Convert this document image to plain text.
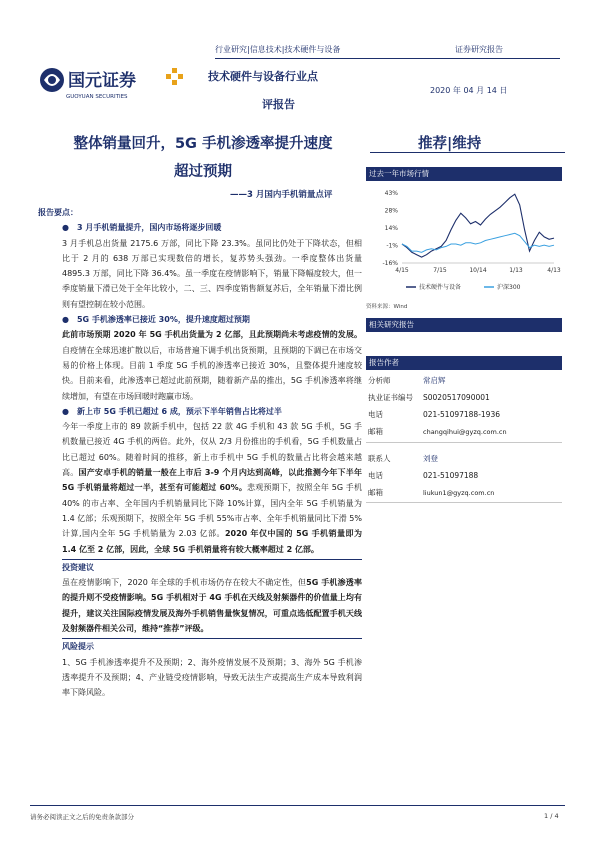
行业研究|信息技术|技术硬件与设备	证券研究报告
国元证券
GUOYUAN SECURITIES
技术硬件与设备行业点
评报告
2020 年 04 月 14 日
整体销量回升，5G 手机渗透率提升速度
超过预期
——3 月国内手机销量点评
推荐|维持
报告要点：
● 3 月手机销量提升，国内市场将逐步回暖

3 月手机总出货量 2175.6 万部，同比下降 23.3%。虽同比仍处于下降状态，但相比于 2 月的 638 万部已实现数倍的增长，复苏势头强劲。一季度整体出货量 4895.3 万部，同比下降 36.4%。虽一季度在疫情影响下，销量下降幅度较大，但一季度销量下滑已处于全年比较小，二、三、四季度销售额复苏后，全年销量下滑比例则有望控制在较小范围。

● 5G 手机渗透率已接近 30%，提升速度超过预期

此前市场预期 2020 年 5G 手机出货量为 2 亿部，且此预期尚未考虑疫情的发展。自疫情在全球迅速扩散以后，市场普遍下调手机出货预期，且预期的下调已在市场交易的价格上体现。目前 1 季度 5G 手机的渗透率已接近 30%，且整体提升速度较快。目前来看，此渗透率已超过此前预期，随着新产品的推出，5G 手机渗透率将继续增加，有望在市场回暖时跑赢市场。

● 新上市 5G 手机已超过 6 成，预示下半年销售占比将过半

今年一季度上市的 89 款新手机中，包括 22 款 4G 手机和 43 款 5G 手机，5G 手机数量已接近 4G 手机的两倍。此外，仅从 2/3 月份推出的手机看，5G 手机数量占比已超过 60%。随着时间的推移，新上市手机中 5G 手机的数量占比将会越来越高。国产安卓手机的销量一般在上市后 3-9 个月内达到高峰，以此推测今年下半年 5G 手机销量将超过一半，甚至有可能超过 60%。悲观预期下，按照全年 5G 手机 40% 的市占率、全年国内手机销量同比下降 10%计算，国内全年 5G 手机销量为 1.4 亿部；乐观预期下，按照全年 5G 手机 55%市占率、全年手机销量同比下滑 5%计算,国内全年 5G 手机销量为 2.03 亿部。2020 年仅中国的 5G 手机销量即为 1.4 亿至 2 亿部，因此，全球 5G 手机销量将有较大概率超过 2 亿部。

投资建议

虽在疫情影响下，2020 年全球的手机市场仍存在较大不确定性，但5G 手机渗透率的提升则不受疫情影响。5G 手机相对于 4G 手机在天线及射频器件的价值量上均有提升，建议关注国际疫情发展及海外手机销售量恢复情况，可重点选低配置手机天线及射频器件相关公司，维持“推荐”评级。

风险提示

1、5G 手机渗透率提升不及预期；2、海外疫情发展不及预期；3、海外 5G 手机渗透率提升不及预期；4、产业链受疫情影响，导致无法生产或提高生产成本导致利润率下降风险。

过去一年市场行情
43%
28%
14%
-1%
-16%
4/15	7/15	10/14	1/13	4/13
技术硬件与设备	沪深300
资料来源：Wind
相关研究报告
报告作者
分析师	常启辉
执业证书编号 S0020517090001
电话	021-51097188-1936
邮箱	changqihui@gyzq.com.cn
联系人	刘登
电话	021-51097188
邮箱	liukun1@gyzq.com.cn
请务必阅读正文之后的免责条款部分	1 / 4
